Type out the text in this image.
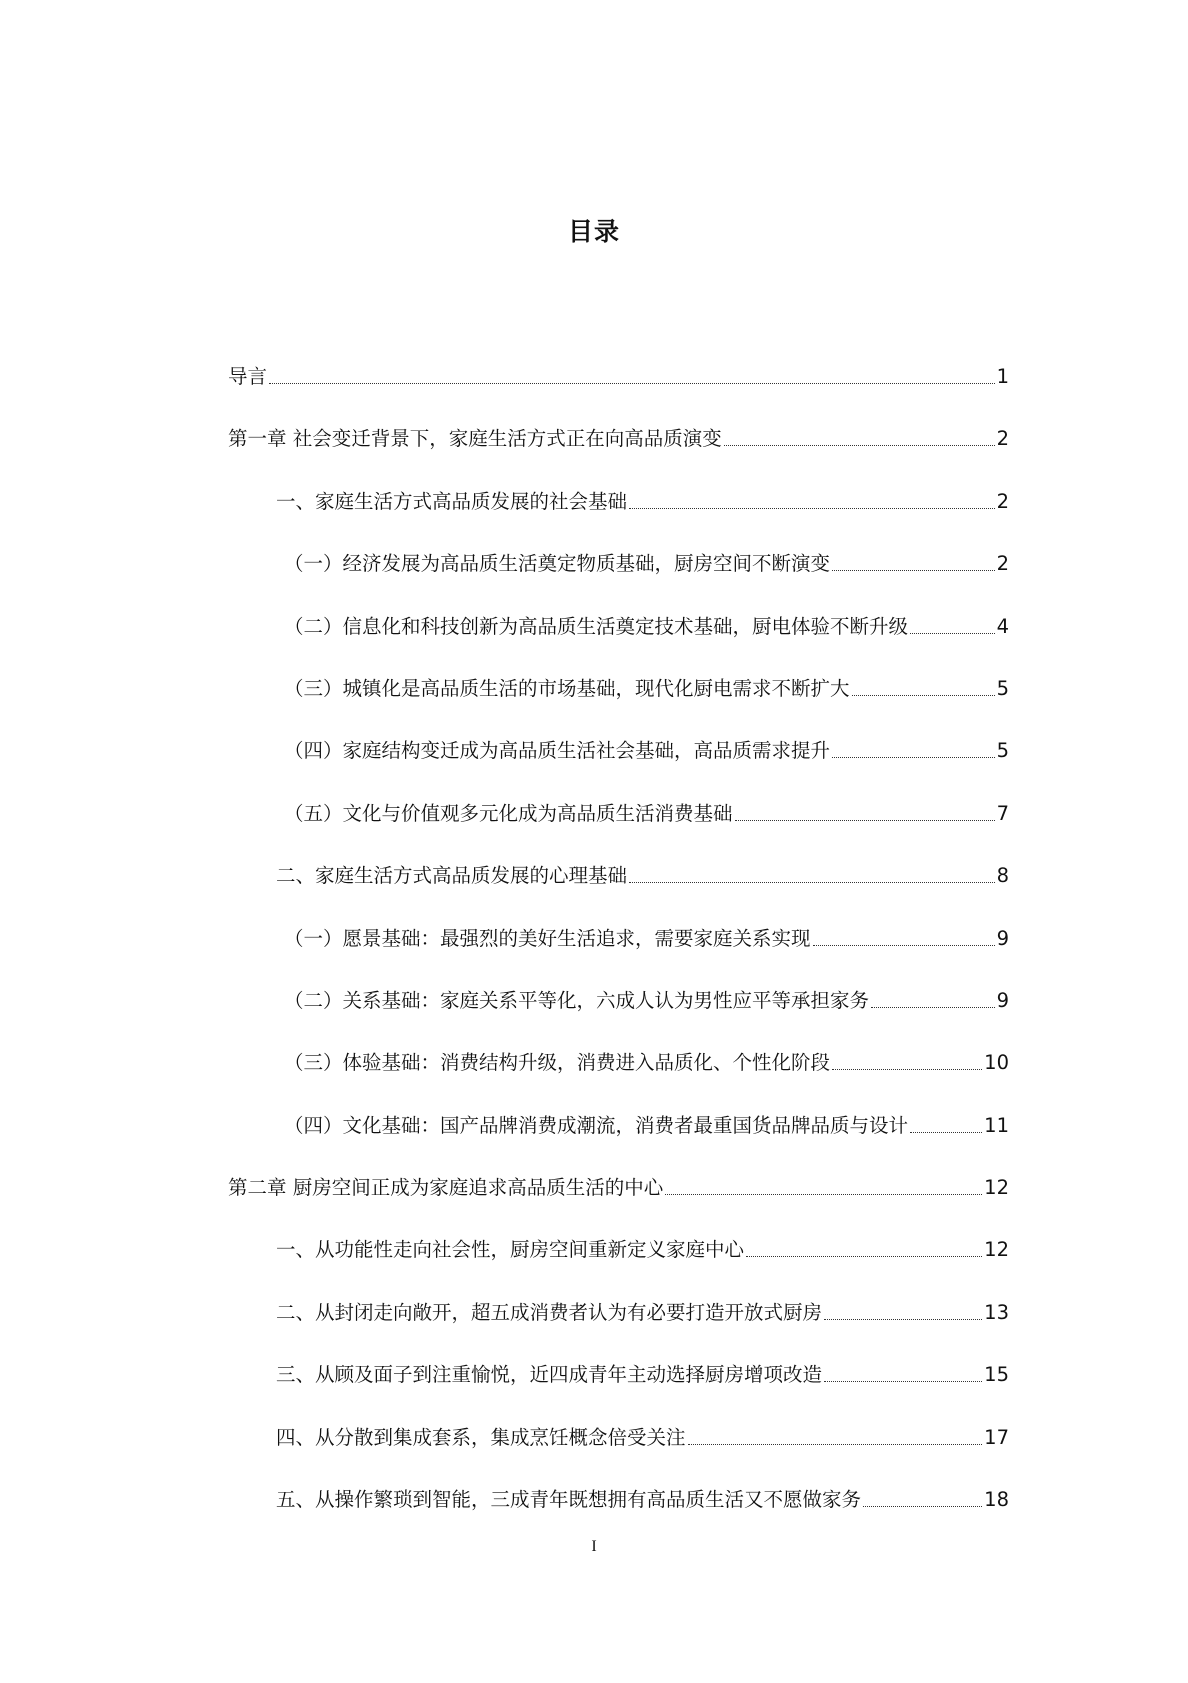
目录
导言	1
第一章 社会变迁背景下，家庭生活方式正在向高品质演变	2
一、家庭生活方式高品质发展的社会基础	2
（一）经济发展为高品质生活奠定物质基础，厨房空间不断演变	2
（二）信息化和科技创新为高品质生活奠定技术基础，厨电体验不断升级	4
（三）城镇化是高品质生活的市场基础，现代化厨电需求不断扩大	5
（四）家庭结构变迁成为高品质生活社会基础，高品质需求提升	5
（五）文化与价值观多元化成为高品质生活消费基础	7
二、家庭生活方式高品质发展的心理基础	8
（一）愿景基础：最强烈的美好生活追求，需要家庭关系实现	9
（二）关系基础：家庭关系平等化，六成人认为男性应平等承担家务	9
（三）体验基础：消费结构升级，消费进入品质化、个性化阶段	10
（四）文化基础：国产品牌消费成潮流，消费者最重国货品牌品质与设计	11
第二章 厨房空间正成为家庭追求高品质生活的中心	12
一、从功能性走向社会性，厨房空间重新定义家庭中心	12
二、从封闭走向敞开，超五成消费者认为有必要打造开放式厨房	13
三、从顾及面子到注重愉悦，近四成青年主动选择厨房增项改造	15
四、从分散到集成套系，集成烹饪概念倍受关注	17
五、从操作繁琐到智能，三成青年既想拥有高品质生活又不愿做家务	18
I
